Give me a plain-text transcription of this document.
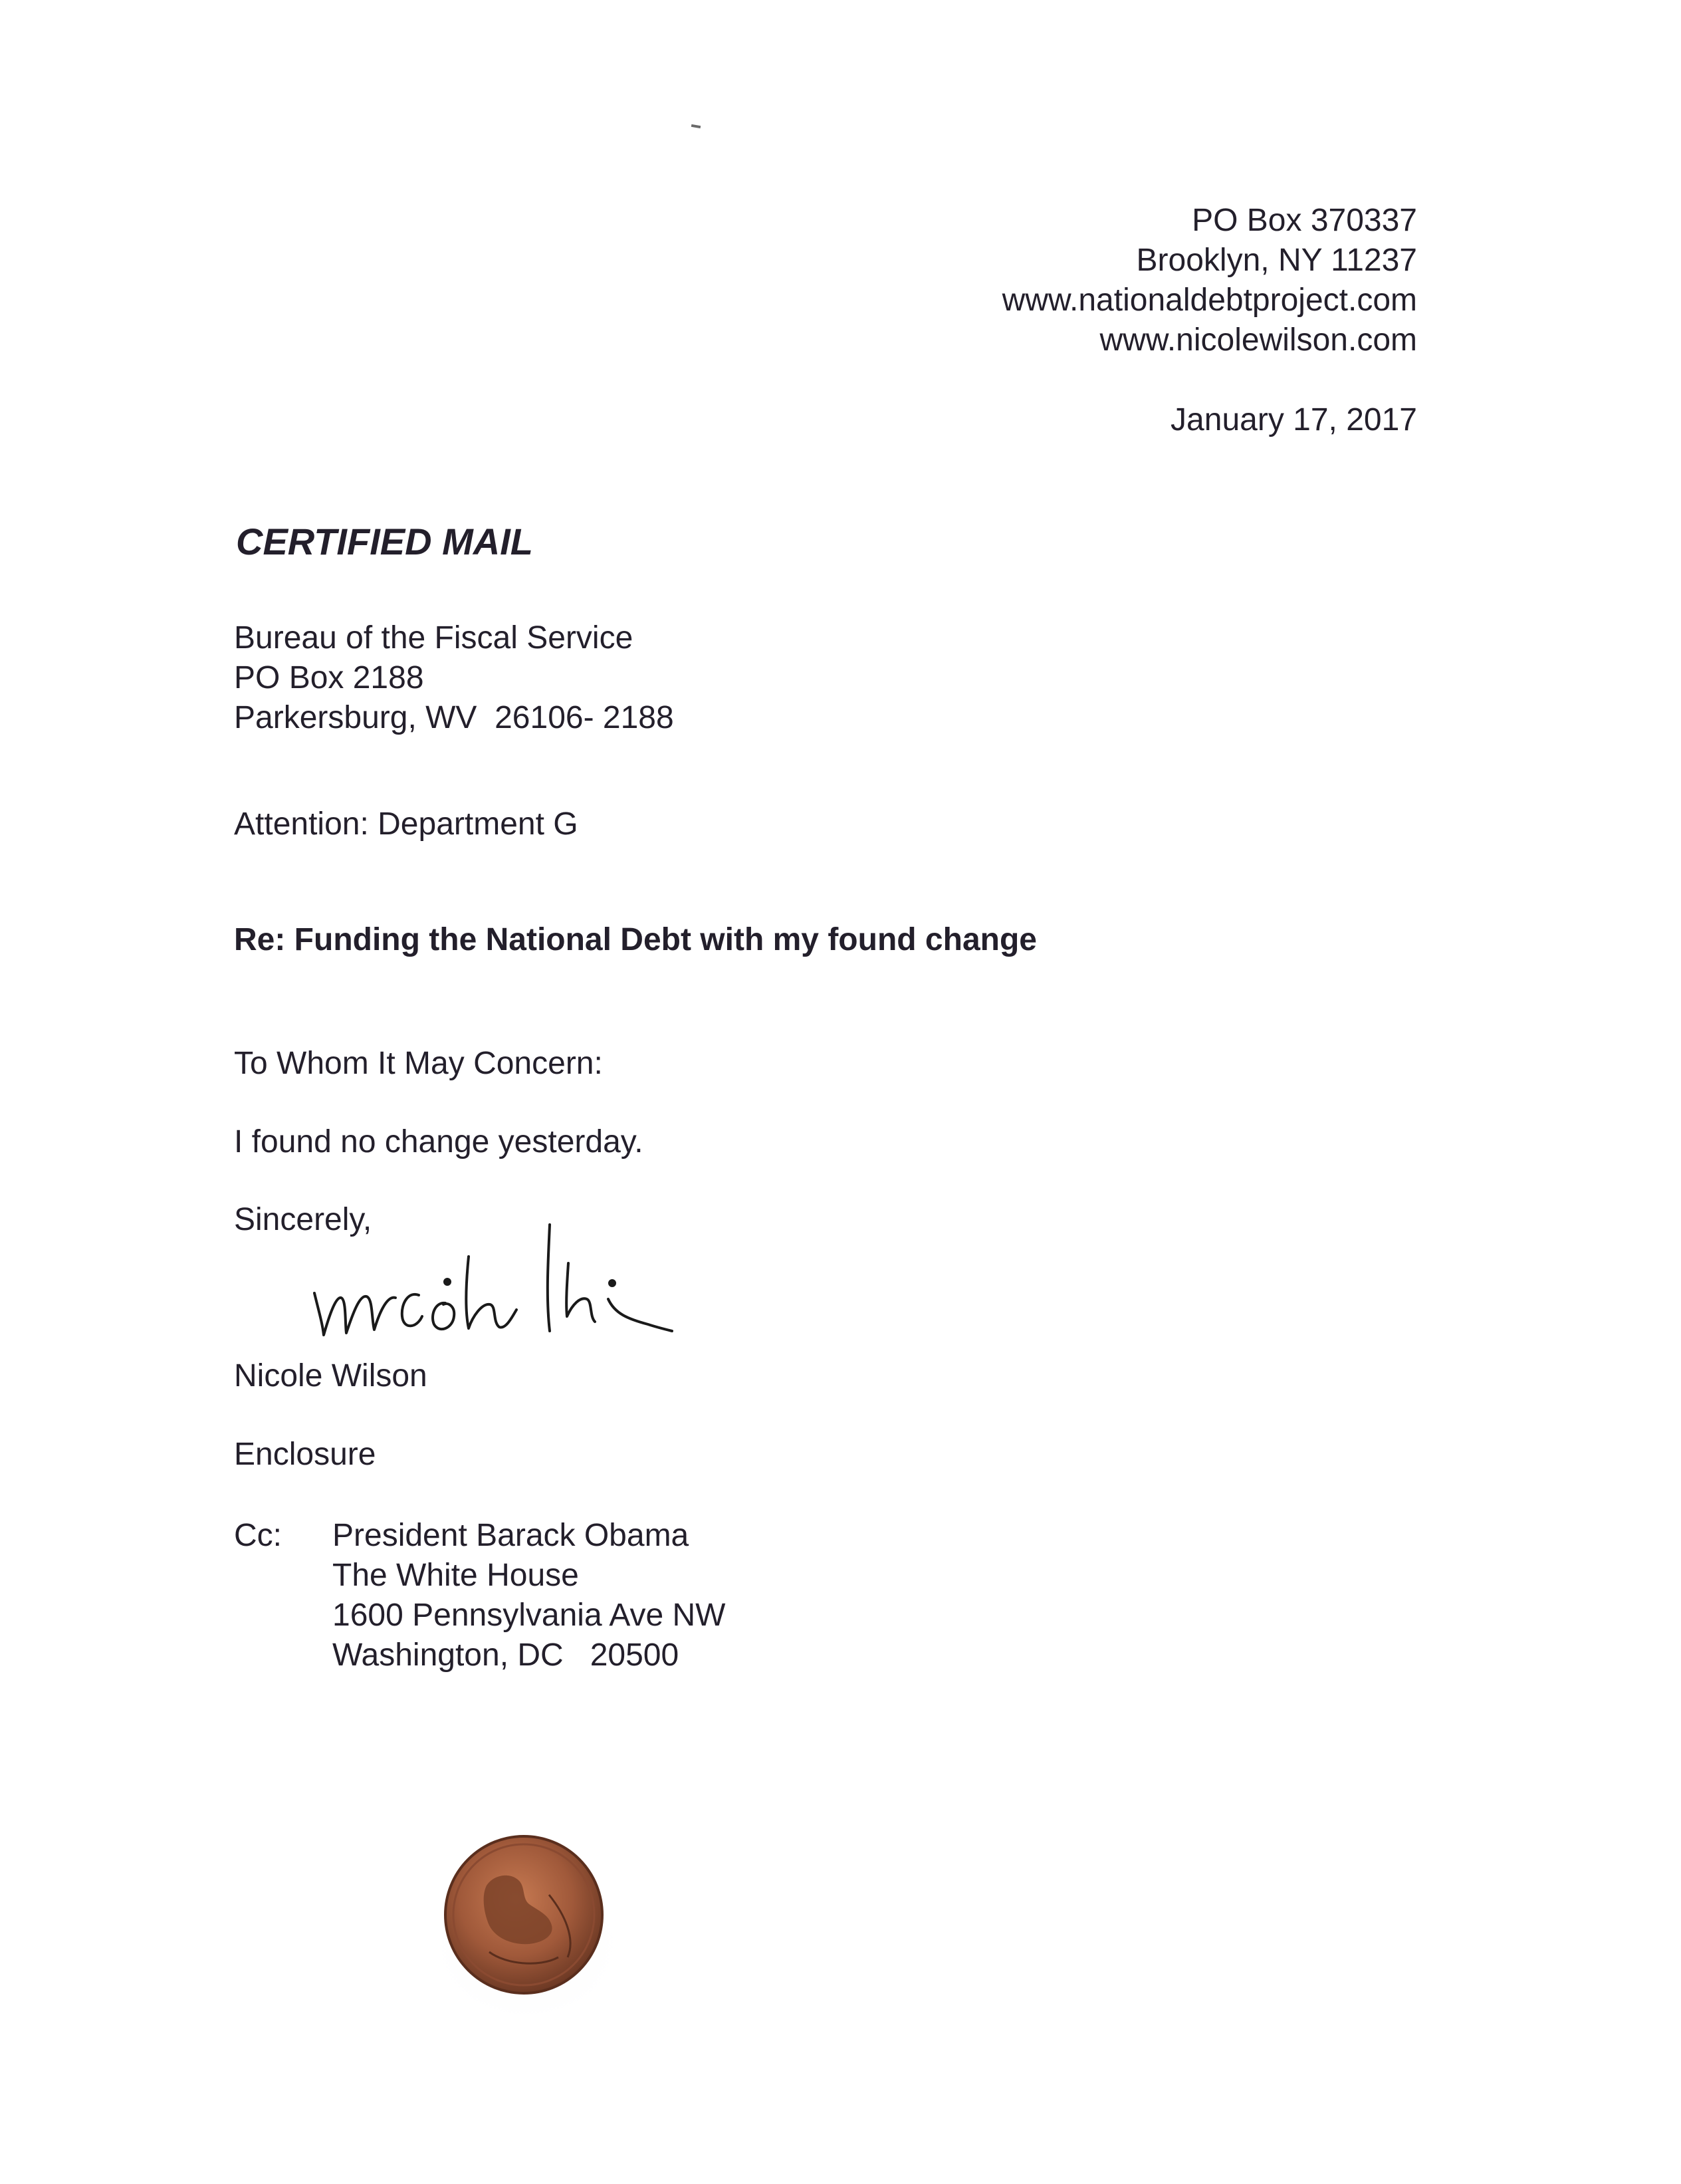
PO Box 370337
Brooklyn, NY 11237
www.nationaldebtproject.com
www.nicolewilson.com
January 17, 2017
CERTIFIED MAIL
Bureau of the Fiscal Service
PO Box 2188
Parkersburg, WV  26106- 2188
Attention: Department G
Re: Funding the National Debt with my found change
To Whom It May Concern:
I found no change yesterday.
Sincerely,
Nicole Wilson
Enclosure
Cc: President Barack Obama
The White House
1600 Pennsylvania Ave NW
Washington, DC   20500
